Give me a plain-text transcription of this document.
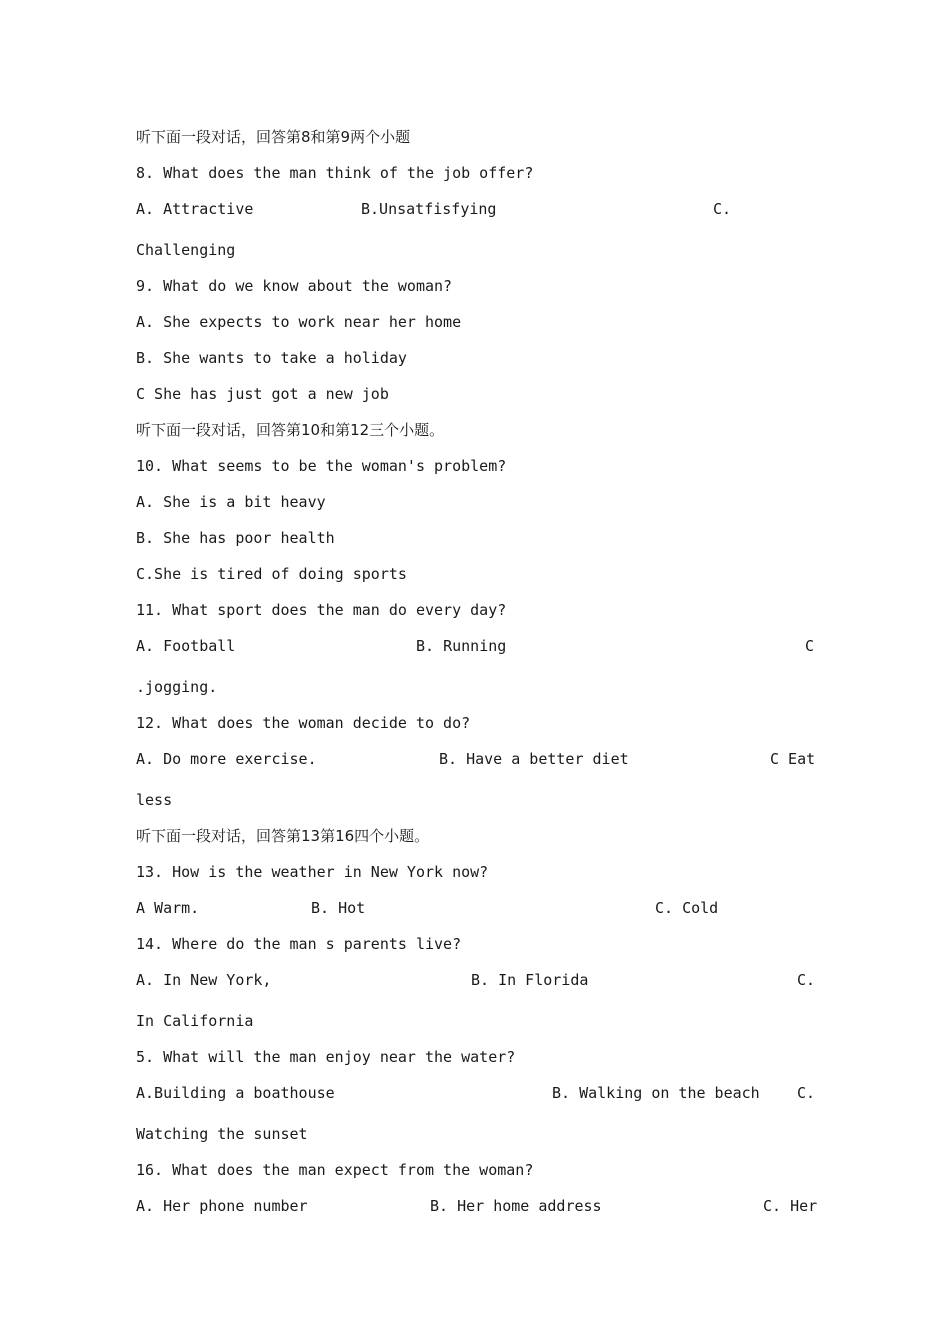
听下面一段对话，回答第8和第9两个小题
8. What does the man think of the job offer?
A. Attractive	B.Unsatfisfying	C.
Challenging
9. What do we know about the woman?
A. She expects to work near her home
B. She wants to take a holiday
C She has just got a new job
听下面一段对话，回答第10和第12三个小题。
10. What seems to be the woman's problem?
A. She is a bit heavy
B. She has poor health
C.She is tired of doing sports
11. What sport does the man do every day?
A. Football	B. Running	C
.jogging.
12. What does the woman decide to do?
A. Do more exercise.	B. Have a better diet	C Eat
less
听下面一段对话，回答第13第16四个小题。
13. How is the weather in New York now?
A Warm.	B. Hot	C. Cold
14. Where do the man s parents live?
A. In New York,	B. In Florida	C.
In California
5. What will the man enjoy near the water?
A.Building a boathouse	B. Walking on the beach C.
Watching the sunset
16. What does the man expect from the woman?
A. Her phone number	B. Her home address	C. Her
